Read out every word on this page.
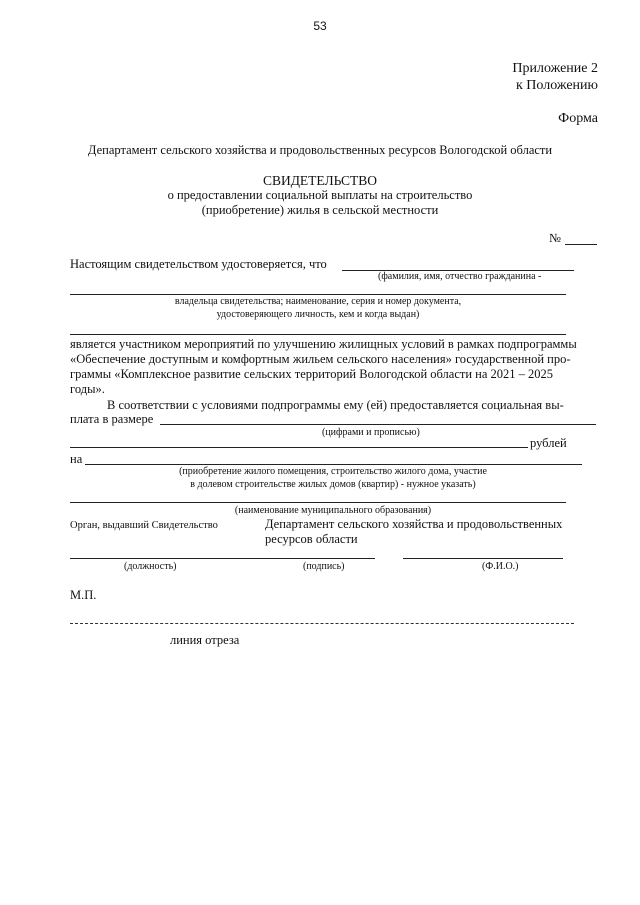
53
Приложение 2
к Положению
Форма
Департамент сельского хозяйства и продовольственных ресурсов Вологодской области
СВИДЕТЕЛЬСТВО
о предоставлении социальной выплаты на строительство
(приобретение) жилья в сельской местности
№
Настоящим свидетельством удостоверяется, что
(фамилия, имя, отчество гражданина -
владельца свидетельства; наименование, серия и номер документа,
удостоверяющего личность, кем и когда выдан)
является участником мероприятий по улучшению жилищных условий в рамках подпрограммы
«Обеспечение доступным и комфортным жильем сельского населения» государственной про-
граммы «Комплексное развитие сельских территорий Вологодской области на 2021 – 2025
годы».
В соответствии с условиями подпрограммы ему (ей) предоставляется социальная вы-
плата в размере
(цифрами и прописью)
рублей
на
(приобретение жилого помещения, строительство жилого дома, участие
в долевом строительстве жилых домов (квартир) - нужное указать)
(наименование муниципального образования)
Орган, выдавший Свидетельство	Департамент сельского хозяйства и продовольственных
ресурсов области
(должность)	(подпись)	(Ф.И.О.)
М.П.
линия отреза
